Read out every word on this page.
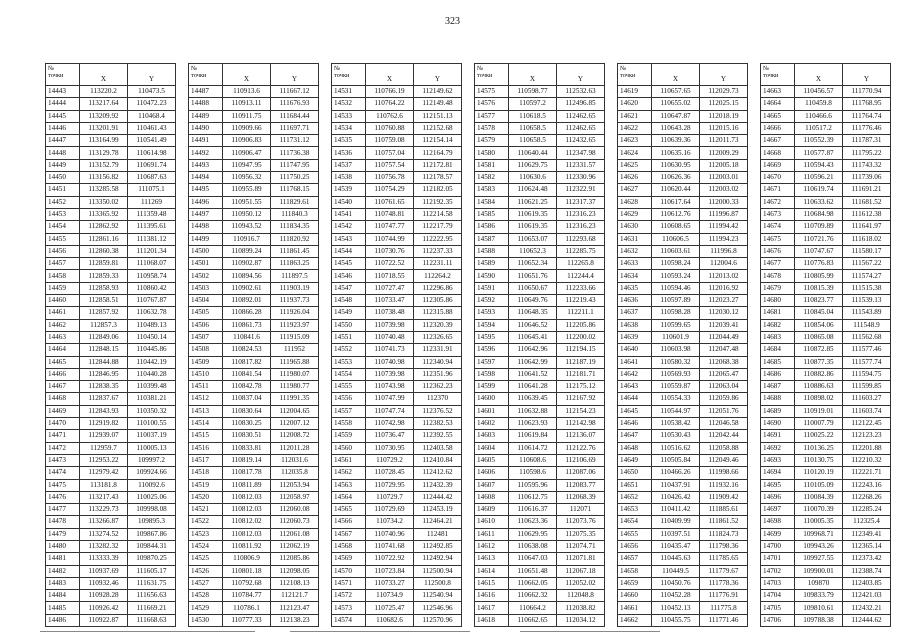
323
№
точки	X	Y

14443	113220.2	110473.5
14444	113217.64	110472.23
14445	113209.92	110468.4
14446	113201.91	110461.43
14447	113164.99	110541.49
14448	113129.78	110614.98
14449	113152.79	110691.74
14450	113156.82	110687.63
14451	113285.58	111075.1
14452	113350.02	111269
14453	113365.92	111359.48
14454	112862.92	111395.61
14455	112861.16	111381.12
14456	112860.38	111201.34
14457	112859.81	111068.07
14458	112859.33	110958.74
14459	112858.93	110860.42
14460	112858.51	110767.87
14461	112857.92	110632.78
14462	112857.3	110489.13
14463	112849.06	110450.14
14464	112848.15	110445.86
14465	112844.88	110442.19
14466	112846.95	110440.28
14467	112838.35	110399.48
14468	112837.67	110381.21
14469	112843.93	110350.32
14470	112919.82	110100.55
14471	112939.07	110037.19
14472	112959.7	110005.13
14473	112953.22	109997.2
14474	112979.42	109924.66
14475	113181.8	110092.6
14476	113217.43	110025.06
14477	113229.73	109998.08
14478	113266.87	109895.3
14479	113274.52	109867.86
14480	113282.32	109844.31
14481	113333.39	109870.25
14482	110937.69	111605.17
14483	110932.46	111631.75
14484	110928.28	111656.63
14485	110926.42	111669.21
14486	110922.87	111668.63
№
точки	X	Y

14487	110913.6	111667.12
14488	110913.11	111676.93
14489	110911.75	111684.44
14490	110909.66	111697.71
14491	110906.83	111731.12
14492	110906.47	111736.38
14493	110947.95	111747.95
14494	110956.32	111750.25
14495	110955.89	111768.15
14496	110951.55	111829.61
14497	110950.12	111840.3
14498	110943.52	111834.35
14499	110916.7	111820.92
14500	110899.24	111861.45
14501	110902.87	111863.25
14502	110894.56	111897.5
14503	110902.61	111903.19
14504	110892.01	111937.73
14505	110866.28	111926.04
14506	110861.73	111923.97
14507	110841.6	111915.09
14508	110824.53	111952
14509	110817.82	111965.88
14510	110841.54	111980.07
14511	110842.78	111980.77
14512	110837.04	111991.35
14513	110830.64	112004.65
14514	110830.25	112007.12
14515	110830.51	112008.72
14516	110833.81	112011.28
14517	110819.14	112031.6
14518	110817.78	112035.8
14519	110811.89	112053.94
14520	110812.03	112058.97
14521	110812.03	112060.08
14522	110812.02	112060.73
14523	110812.03	112061.08
14524	110811.92	112062.19
14525	110806.9	112085.86
14526	110801.18	112098.05
14527	110792.68	112108.13
14528	110784.77	112121.7
14529	110786.1	112123.47
14530	110777.33	112138.23
№
точки	X	Y

14531	110766.19	112149.62
14532	110764.22	112149.48
14533	110762.6	112151.13
14534	110760.88	112152.68
14535	110759.08	112154.14
14536	110757.04	112164.79
14537	110757.54	112172.81
14538	110756.78	112178.57
14539	110754.29	112182.05
14540	110761.65	112192.35
14541	110748.81	112214.58
14542	110747.77	112217.79
14543	110744.99	112222.95
14544	110730.76	112237.33
14545	110722.52	112231.11
14546	110718.55	112264.2
14547	110727.47	112296.86
14548	110733.47	112305.86
14549	110738.48	112315.88
14550	110739.98	112320.39
14551	110740.48	112326.65
14552	110741.73	112331.91
14553	110740.98	112340.94
14554	110739.98	112351.96
14555	110743.98	112362.23
14556	110747.99	112370
14557	110747.74	112376.52
14558	110742.98	112382.53
14559	110736.47	112392.55
14560	110730.95	112403.58
14561	110729.2	112410.84
14562	110728.45	112412.62
14563	110729.95	112432.39
14564	110729.7	112444.42
14565	110729.69	112453.19
14566	110734.2	112464.21
14567	110740.96	112481
14568	110741.68	112492.85
14569	110722.92	112492.94
14570	110723.84	112500.94
14571	110733.27	112500.8
14572	110734.9	112540.94
14573	110725.47	112546.96
14574	110682.6	112570.96
№
точки	X	Y

14575	110598.77	112532.63
14576	110597.2	112496.85
14577	110618.5	112462.65
14578	110658.5	112462.65
14579	110658.5	112432.65
14580	110640.44	112347.98
14581	110629.75	112331.57
14582	110630.6	112330.96
14583	110624.48	112322.91
14584	110621.25	112317.37
14585	110619.35	112316.23
14586	110619.35	112316.23
14587	110653.07	112293.68
14588	110652.3	112285.75
14589	110652.34	112265.8
14590	110651.76	112244.4
14591	110650.67	112233.66
14592	110649.76	112219.43
14593	110648.35	112211.1
14594	110646.52	112205.86
14595	110645.41	112200.02
14596	110642.96	112194.15
14597	110642.99	112187.19
14598	110641.52	112181.71
14599	110641.28	112175.12
14600	110639.45	112167.92
14601	110632.88	112154.23
14602	110623.93	112142.98
14603	110619.84	112136.07
14604	110614.72	112122.76
14605	110608.6	112106.69
14606	110598.6	112087.06
14607	110595.96	112083.77
14608	110612.75	112068.39
14609	110616.37	112071
14610	110623.36	112073.76
14611	110629.95	112075.35
14612	110638.08	112074.71
14613	110647.03	112071.81
14614	110651.48	112067.18
14615	110662.05	112052.02
14616	110662.32	112048.8
14617	110664.2	112038.82
14618	110662.65	112034.12
№
точки	X	Y

14619	110657.65	112029.73
14620	110655.02	112025.15
14621	110647.87	112018.19
14622	110643.28	112015.16
14623	110639.36	112011.73
14624	110635.16	112009.29
14625	110630.95	112005.18
14626	110626.36	112003.01
14627	110620.44	112003.02
14628	110617.64	112000.33
14629	110612.76	111996.87
14630	110608.65	111994.42
14631	110606.5	111994.23
14632	110603.61	111996.8
14633	110598.24	112004.6
14634	110593.24	112013.02
14635	110594.46	112016.92
14636	110597.89	112023.27
14637	110598.28	112030.12
14638	110599.65	112039.41
14639	110601.9	112044.49
14640	110603.98	112047.48
14641	110580.32	112068.38
14642	110569.93	112065.47
14643	110559.87	112063.04
14644	110554.33	112059.86
14645	110544.97	112051.76
14646	110538.42	112046.58
14647	110530.43	112042.44
14648	110516.62	112058.88
14649	110505.84	112049.46
14650	110466.26	111998.66
14651	110437.91	111932.16
14652	110426.42	111909.42
14653	110411.42	111885.61
14654	110409.99	111861.52
14655	110397.51	111824.73
14656	110435.47	111798.36
14657	110445.63	111785.65
14658	110449.5	111779.67
14659	110450.76	111778.36
14660	110452.28	111776.91
14661	110452.13	111775.8
14662	110455.75	111771.46
№
точки	X	Y

14663	110456.57	111770.94
14664	110459.8	111768.95
14665	110466.6	111764.74
14666	110517.2	111776.46
14667	110552.39	111787.31
14668	110577.87	111795.22
14669	110594.43	111743.32
14670	110596.21	111739.06
14671	110619.74	111691.21
14672	110633.62	111681.52
14673	110684.98	111612.38
14674	110709.89	111641.97
14675	110721.76	111618.02
14676	110747.67	111580.17
14677	110776.83	111567.22
14678	110805.99	111574.27
14679	110815.39	111515.38
14680	110823.77	111539.13
14681	110845.04	111543.89
14682	110854.06	111548.9
14683	110865.08	111562.68
14684	110872.85	111577.46
14685	110877.35	111577.74
14686	110882.86	111594.75
14687	110886.63	111599.85
14688	110898.02	111603.27
14689	110919.01	111603.74
14690	110007.79	112122.45
14691	110025.22	112123.23
14692	110136.25	112201.88
14693	110130.75	112210.32
14694	110120.19	112221.71
14695	110105.09	112243.16
14696	110084.39	112268.26
14697	110070.39	112285.24
14698	110005.35	112325.4
14699	109968.71	112349.41
14700	109943.26	112365.14
14701	109927.55	112373.42
14702	109900.01	112388.74
14703	109870	112403.85
14704	109833.79	112421.03
14705	109810.61	112432.21
14706	109788.38	112444.62
